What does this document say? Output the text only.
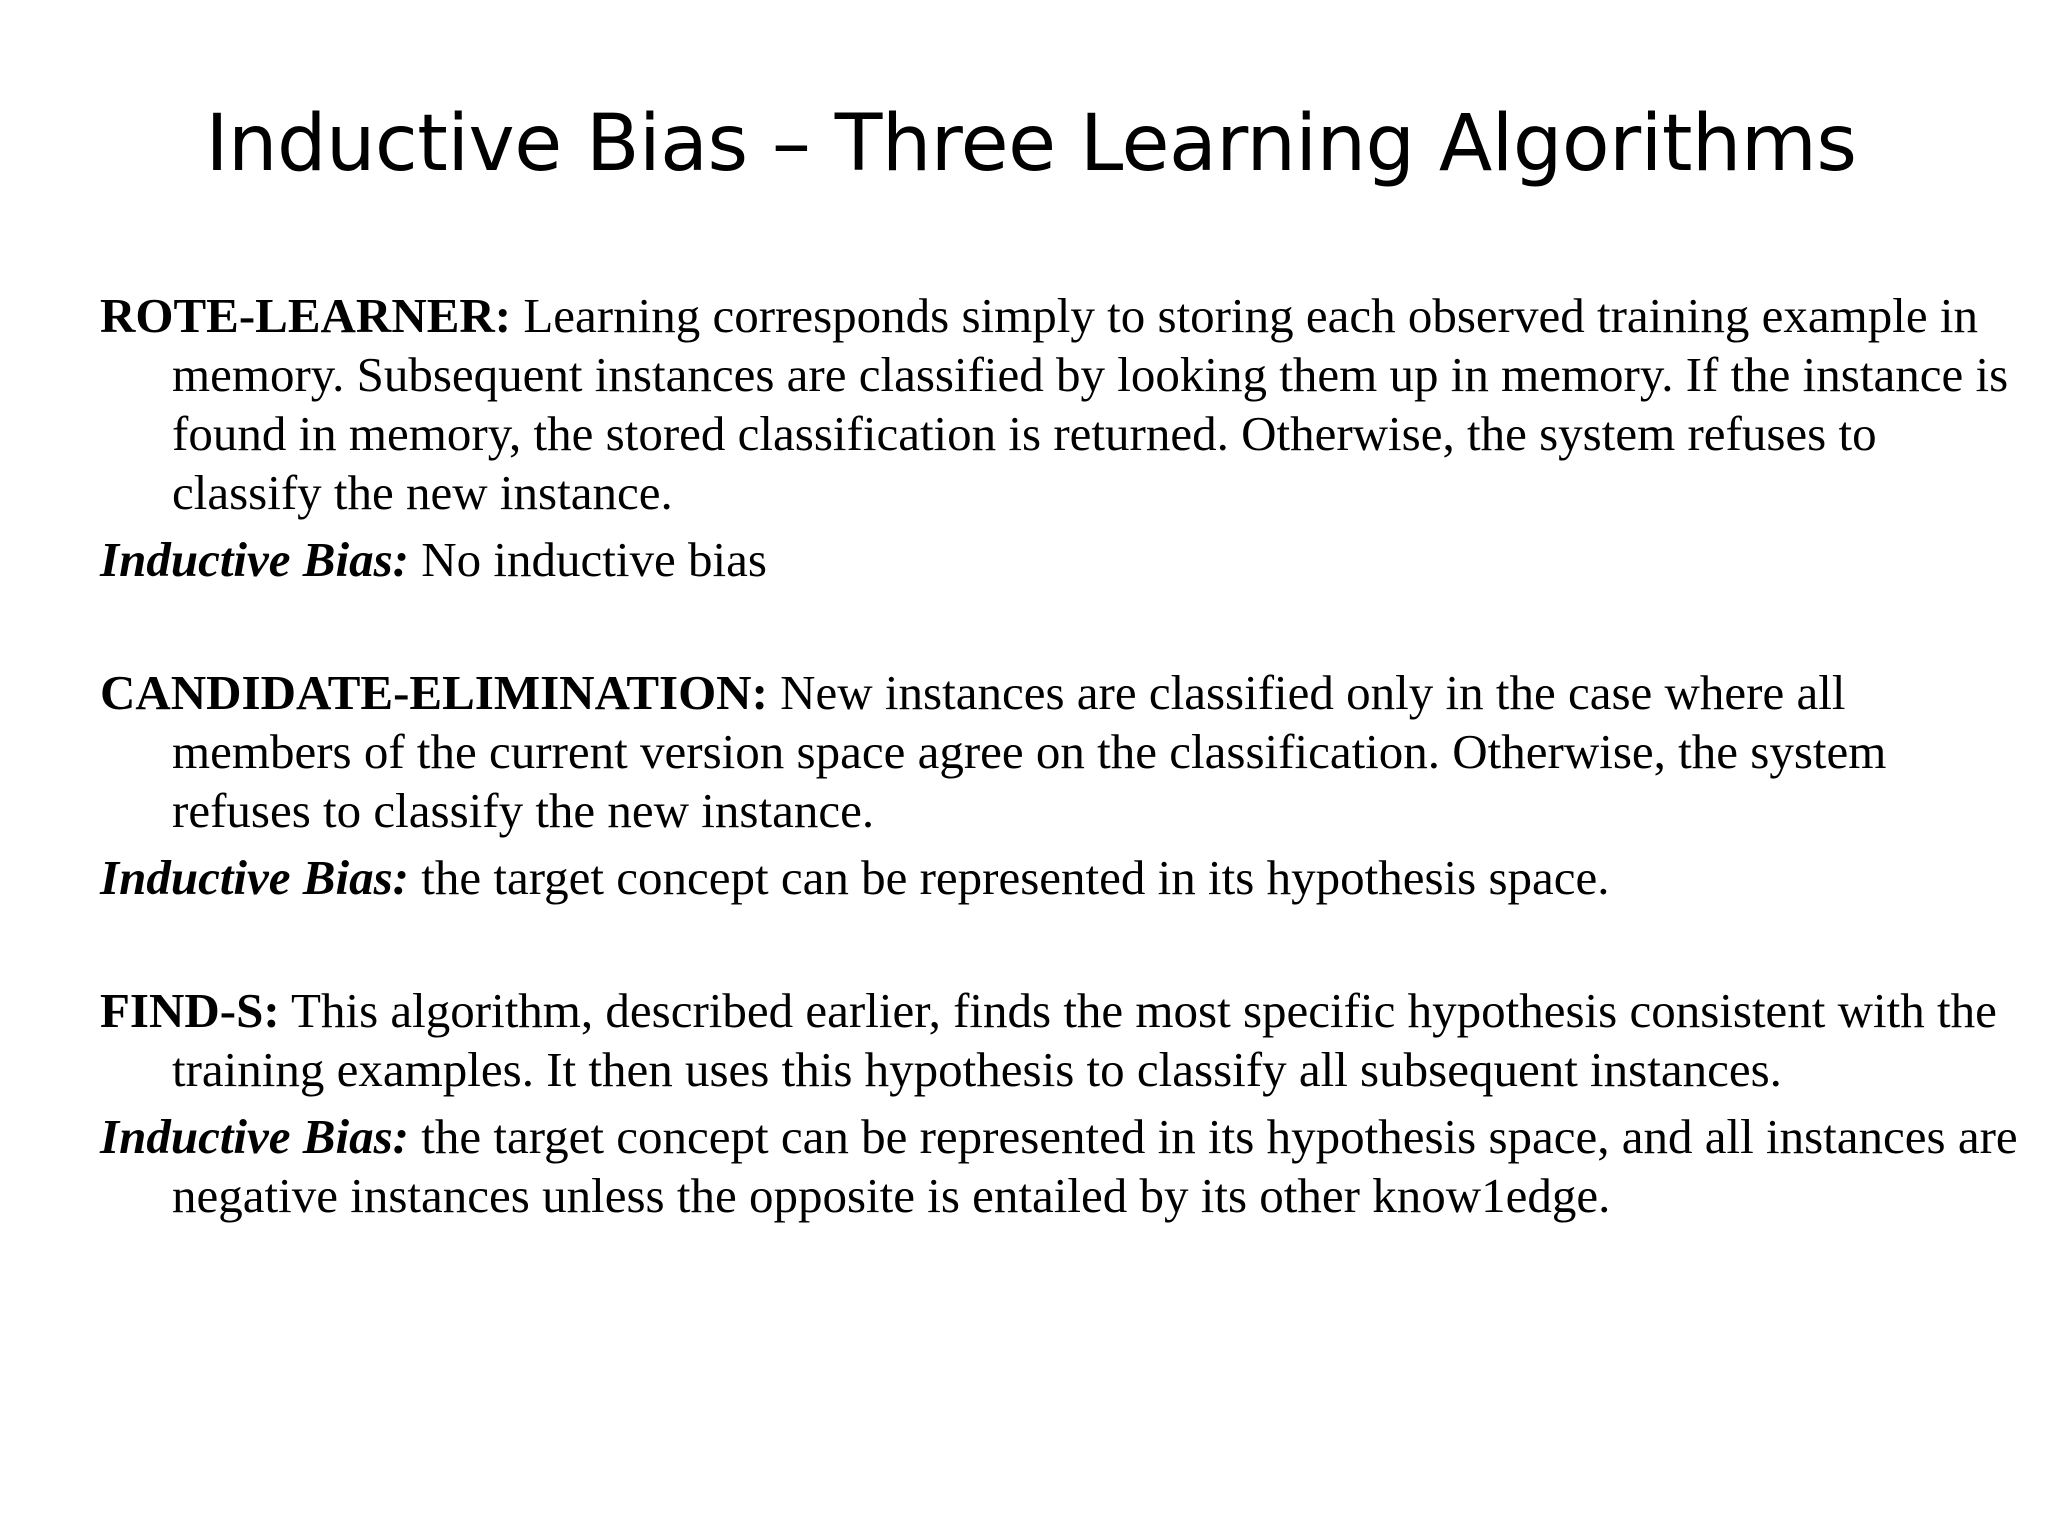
Inductive Bias – Three Learning Algorithms

ROTE-LEARNER: Learning corresponds simply to storing each observed training example in memory. Subsequent instances are classified by looking them up in memory. If the instance is found in memory, the stored classification is returned. Otherwise, the system refuses to classify the new instance.

Inductive Bias: No inductive bias

CANDIDATE-ELIMINATION: New instances are classified only in the case where all members of the current version space agree on the classification. Otherwise, the system refuses to classify the new instance.

Inductive Bias: the target concept can be represented in its hypothesis space.

FIND-S: This algorithm, described earlier, finds the most specific hypothesis consistent with the training examples. It then uses this hypothesis to classify all subsequent instances.

Inductive Bias: the target concept can be represented in its hypothesis space, and all instances are negative instances unless the opposite is entailed by its other know1edge.
